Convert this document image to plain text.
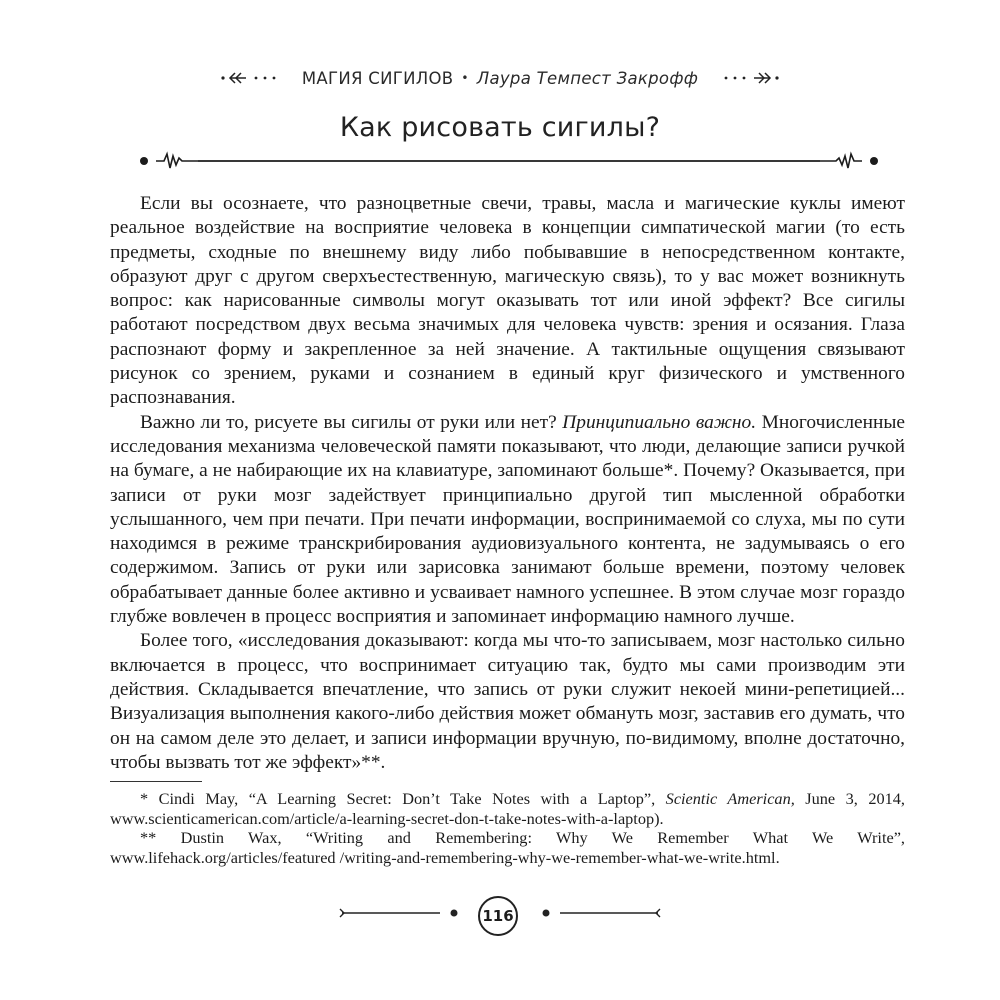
МАГИЯ СИГИЛОВ • Лаура Темпест Закрофф
Как рисовать сигилы?

Если вы осознаете, что разноцветные свечи, травы, масла и магические куклы имеют реальное воздействие на восприятие человека в концепции симпатической магии (то есть предметы, сходные по внешнему виду либо побывавшие в непосредственном контакте, образуют друг с другом сверхъестественную, магическую связь), то у вас может возникнуть вопрос: как нарисованные символы могут оказывать тот или иной эффект? Все сигилы работают посредством двух весьма значимых для человека чувств: зрения и осязания. Глаза распознают форму и закрепленное за ней значение. А тактильные ощущения связывают рисунок со зрением, руками и сознанием в единый круг физического и умственного распознавания.

Важно ли то, рисуете вы сигилы от руки или нет? Принципиально важно. Многочисленные исследования механизма человеческой памяти показывают, что люди, делающие записи ручкой на бумаге, а не набирающие их на клавиатуре, запоминают больше*. Почему? Оказывается, при записи от руки мозг задействует принципиально другой тип мысленной обработки услышанного, чем при печати. При печати информации, воспринимаемой со слуха, мы по сути находимся в режиме транскрибирования аудиовизуального контента, не задумываясь о его содержимом. Запись от руки или зарисовка занимают больше времени, поэтому человек обрабатывает данные более активно и усваивает намного успешнее. В этом случае мозг гораздо глубже вовлечен в процесс восприятия и запоминает информацию намного лучше.

Более того, «исследования доказывают: когда мы что-то записываем, мозг настолько сильно включается в процесс, что воспринимает ситуацию так, будто мы сами производим эти действия. Складывается впечатление, что запись от руки служит некоей мини-репетицией... Визуализация выполнения какого-либо действия может обмануть мозг, заставив его думать, что он на самом деле это делает, и записи информации вручную, по-видимому, вполне достаточно, чтобы вызвать тот же эффект»**.

* Cindi May, “A Learning Secret: Don’t Take Notes with a Laptop”, Scientic American, June 3, 2014, www.scienticamerican.com/article/a-learning-secret-don-t-take-notes-with-a-laptop).

** Dustin Wax, “Writing and Remembering: Why We Remember What We Write”, www.lifehack.org/articles/featured /writing-and-remembering-why-we-remember-what-we-write.html.

116
